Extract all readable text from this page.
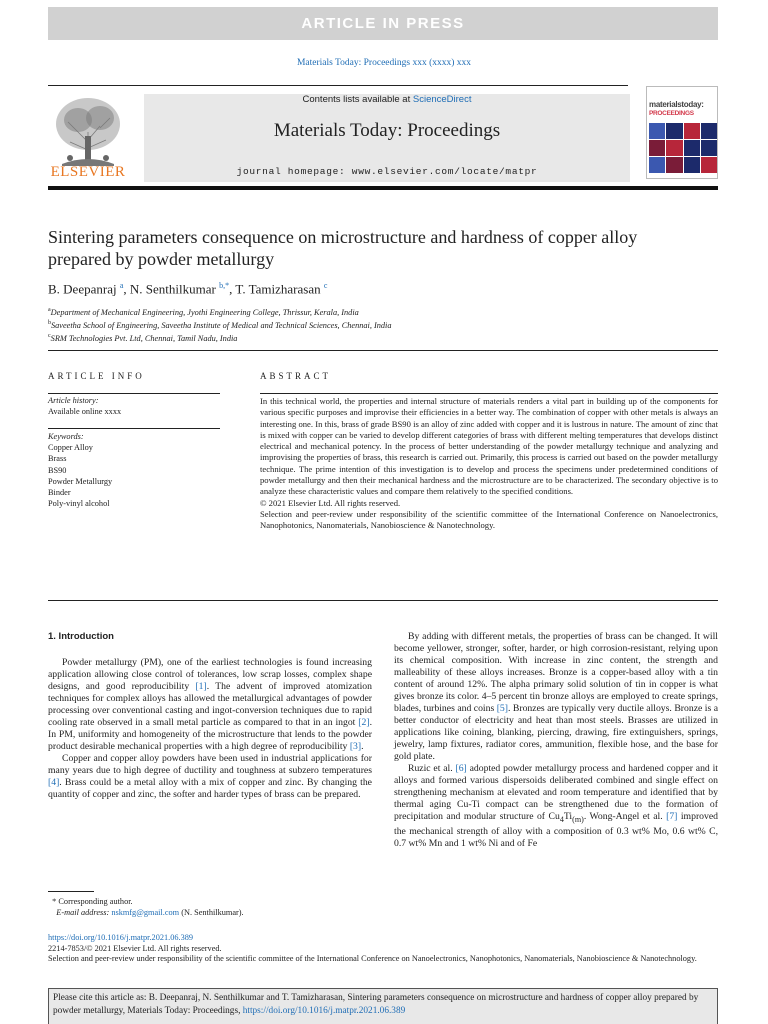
ARTICLE IN PRESS
Materials Today: Proceedings xxx (xxxx) xxx
ELSEVIER
Contents lists available at ScienceDirect
Materials Today: Proceedings
journal homepage: www.elsevier.com/locate/matpr
materialstoday:
PROCEEDINGS
Sintering parameters consequence on microstructure and hardness of copper alloy prepared by powder metallurgy
B. Deepanraj $^a$, N. Senthilkumar $^{b,*}$, T. Tamizharasan $^c$
$^a$Department of Mechanical Engineering, Jyothi Engineering College, Thrissur, Kerala, India
$^b$Saveetha School of Engineering, Saveetha Institute of Medical and Technical Sciences, Chennai, India
$^c$SRM Technologies Pvt. Ltd, Chennai, Tamil Nadu, India
ARTICLE INFO	ABSTRACT
Article history:
Available online xxxx
Keywords:
Copper Alloy
Brass
BS90
Powder Metallurgy
Binder
Poly-vinyl alcohol

In this technical world, the properties and internal structure of materials renders a vital part in building up of the components for various specific purposes and improvise their efficiencies in a better way. The combination of copper with other metals is always an interesting one. In this, brass of grade BS90 is an alloy of zinc added with copper and it is lustrous in nature. The amount of zinc that is mixed with copper can be varied to develop different categories of brass with different melting temperatures that develops distinct electrical and mechanical potency. In the process of better understanding of the powder metallurgy technique and analyzing and improvising the properties of brass, this research is carried out. Primarily, this process is carried out based on the powder metallurgy technique. The prime intention of this investigation is to develop and process the specimens under predetermined conditions of powder metallurgy and then their mechanical hardness and the microstructure are to be characterized. The secondary objective is to analyze these characteristic values and compare them relatively to the specified conditions.

© 2021 Elsevier Ltd. All rights reserved.

Selection and peer-review under responsibility of the scientific committee of the International Conference on Nanoelectronics, Nanophotonics, Nanomaterials, Nanobioscience & Nanotechnology.

1. Introduction

Powder metallurgy (PM), one of the earliest technologies is found increasing application allowing close control of tolerances, low scrap losses, complex shape designs, and good reproducibility [1]. The advent of improved atomization techniques for complex alloys has allowed the metallurgical advantages of powder processing over conventional casting and ingot-conversion techniques due to rapid cooling rate observed in a small metal particle as compared to that in an ingot [2]. In PM, uniformity and homogeneity of the microstructure that lends to the powder product desirable mechanical properties with a high degree of reproducibility [3].

Copper and copper alloy powders have been used in industrial applications for many years due to high degree of ductility and toughness at subzero temperatures [4]. Brass could be a metal alloy with a mix of copper and zinc. By changing the quantity of copper and zinc, the softer and harder types of brass can be prepared.

By adding with different metals, the properties of brass can be changed. It will become yellower, stronger, softer, harder, or high corrosion-resistant, relying upon its chemical composition. With increase in zinc content, the strength and malleability of these alloys increases. Bronze is a copper-based alloy with a tin content of around 12%. The alpha primary solid solution of tin in copper is what gives bronze its color. 4–5 percent tin bronze alloys are employed to create springs, blades, turbines and coins [5]. Bronzes are typically very ductile alloys. Bronze is a better conductor of electricity and heat than most steels. Brasses are utilized in applications like coining, blanking, piercing, drawing, fire extinguishers, springs, jewelry, lamp fixtures, radiator cores, ammunition, flexible hose, and the base for gold plate.

Ruzic et al. [6] adopted powder metallurgy process and hardened copper and it alloys and formed various dispersoids deliberated combined and single effect on strengthening mechanism at elevated and room temperature and identified that by thermal aging Cu-Ti compact can be strengthened due to the formation of precipitation and modular structure of $Cu_4Ti_{(m)}$. Wong-Angel et al. [7] improved the mechanical strength of alloy with a composition of 0.3 wt% Mo, 0.6 wt% C, 0.7 wt% Mn and 1 wt% Ni and of Fe

* Corresponding author.
E-mail address: nskmfg@gmail.com (N. Senthilkumar).
https://doi.org/10.1016/j.matpr.2021.06.389
2214-7853/© 2021 Elsevier Ltd. All rights reserved.
Selection and peer-review under responsibility of the scientific committee of the International Conference on Nanoelectronics, Nanophotonics, Nanomaterials, Nanobioscience & Nanotechnology.
Please cite this article as: B. Deepanraj, N. Senthilkumar and T. Tamizharasan, Sintering parameters consequence on microstructure and hardness of copper alloy prepared by powder metallurgy, Materials Today: Proceedings, https://doi.org/10.1016/j.matpr.2021.06.389
